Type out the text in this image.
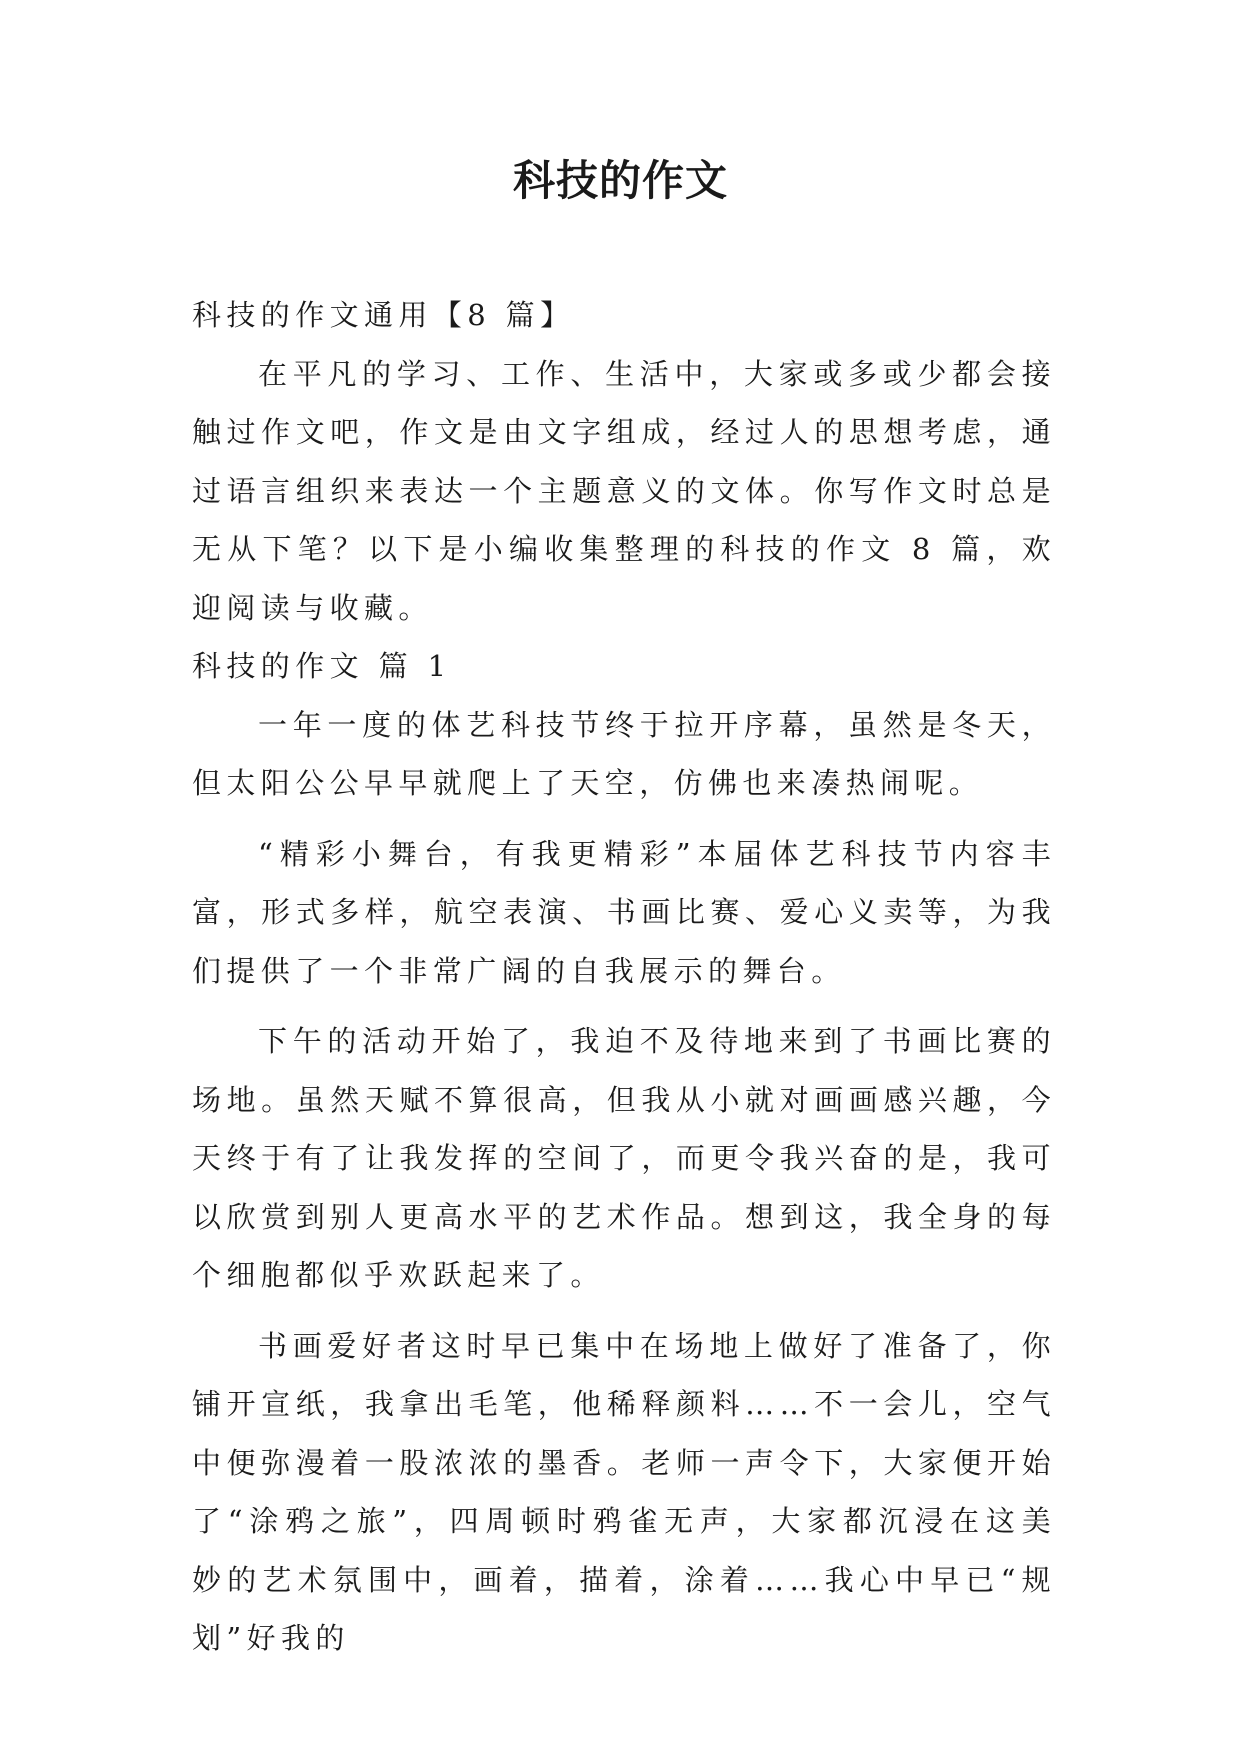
科技的作文

科技的作文通用【8 篇】

在平凡的学习、工作、生活中，大家或多或少都会接触过作文吧，作文是由文字组成，经过人的思想考虑，通过语言组织来表达一个主题意义的文体。你写作文时总是无从下笔？以下是小编收集整理的科技的作文 8 篇，欢迎阅读与收藏。

科技的作文 篇 1

一年一度的体艺科技节终于拉开序幕，虽然是冬天，但太阳公公早早就爬上了天空，仿佛也来凑热闹呢。

“精彩小舞台，有我更精彩”本届体艺科技节内容丰富，形式多样，航空表演、书画比赛、爱心义卖等，为我们提供了一个非常广阔的自我展示的舞台。

下午的活动开始了，我迫不及待地来到了书画比赛的场地。虽然天赋不算很高，但我从小就对画画感兴趣，今天终于有了让我发挥的空间了，而更令我兴奋的是，我可以欣赏到别人更高水平的艺术作品。想到这，我全身的每个细胞都似乎欢跃起来了。

书画爱好者这时早已集中在场地上做好了准备了，你铺开宣纸，我拿出毛笔，他稀释颜料……不一会儿，空气中便弥漫着一股浓浓的墨香。老师一声令下，大家便开始了“涂鸦之旅”，四周顿时鸦雀无声，大家都沉浸在这美妙的艺术氛围中，画着，描着，涂着……我心中早已“规划”好我的
